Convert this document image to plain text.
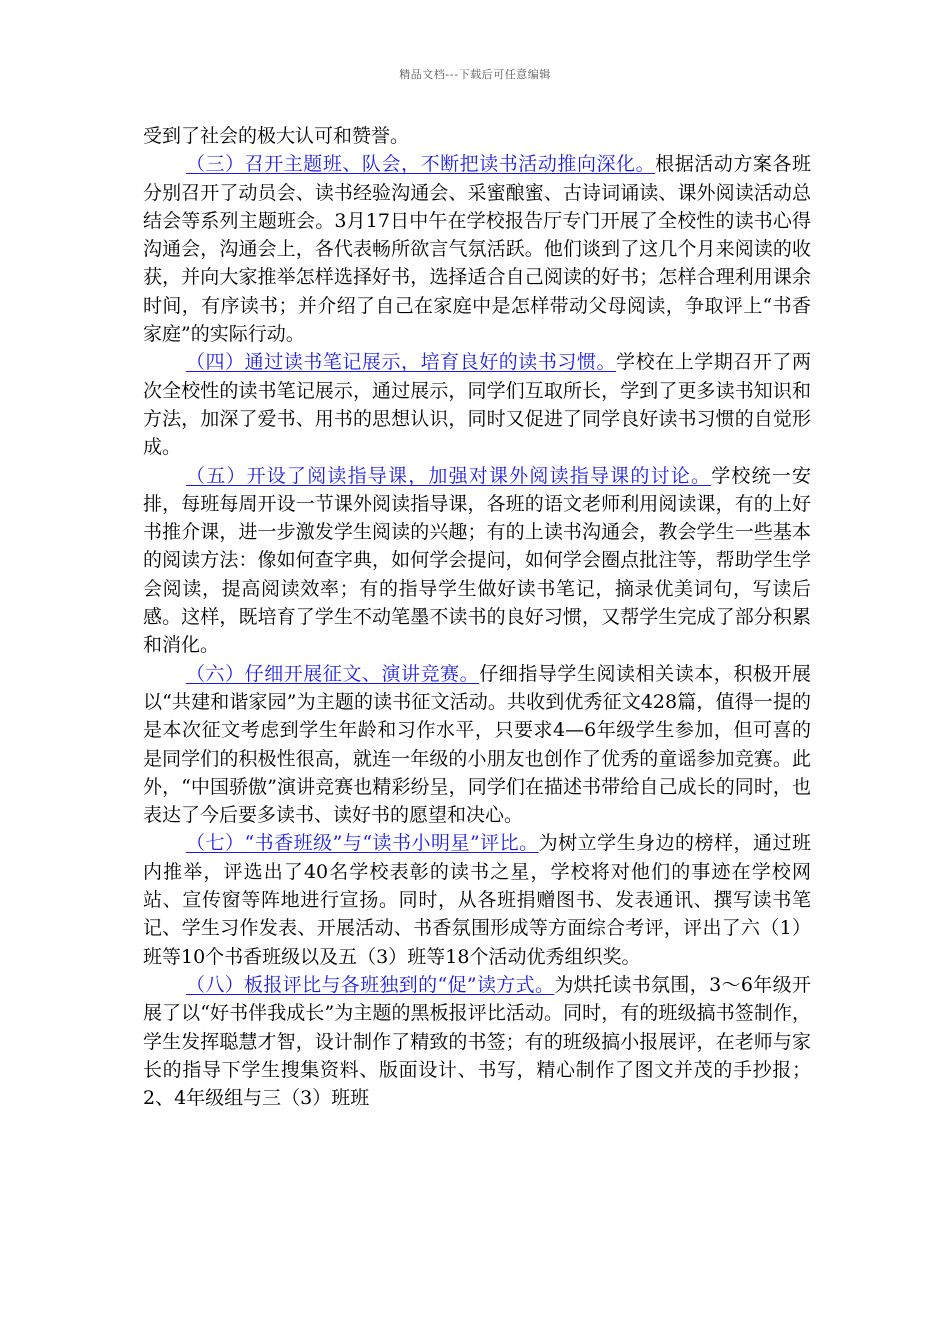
精品文档---下载后可任意编辑

受到了社会的极大认可和赞誉。

（三）召开主题班、队会，不断把读书活动推向深化。根据活动方案各班分别召开了动员会、读书经验沟通会、采蜜酿蜜、古诗词诵读、课外阅读活动总结会等系列主题班会。3月17日中午在学校报告厅专门开展了全校性的读书心得沟通会，沟通会上，各代表畅所欲言气氛活跃。他们谈到了这几个月来阅读的收获，并向大家推举怎样选择好书，选择适合自己阅读的好书；怎样合理利用课余时间，有序读书；并介绍了自己在家庭中是怎样带动父母阅读，争取评上“书香家庭”的实际行动。

（四）通过读书笔记展示，培育良好的读书习惯。学校在上学期召开了两次全校性的读书笔记展示，通过展示，同学们互取所长，学到了更多读书知识和方法，加深了爱书、用书的思想认识，同时又促进了同学良好读书习惯的自觉形成。

（五）开设了阅读指导课，加强对课外阅读指导课的讨论。学校统一安排，每班每周开设一节课外阅读指导课，各班的语文老师利用阅读课，有的上好书推介课，进一步激发学生阅读的兴趣；有的上读书沟通会，教会学生一些基本的阅读方法：像如何查字典，如何学会提问，如何学会圈点批注等，帮助学生学会阅读，提高阅读效率；有的指导学生做好读书笔记，摘录优美词句，写读后感。这样，既培育了学生不动笔墨不读书的良好习惯，又帮学生完成了部分积累和消化。

（六）仔细开展征文、演讲竞赛。仔细指导学生阅读相关读本，积极开展以“共建和谐家园”为主题的读书征文活动。共收到优秀征文428篇，值得一提的是本次征文考虑到学生年龄和习作水平，只要求4—6年级学生参加，但可喜的是同学们的积极性很高，就连一年级的小朋友也创作了优秀的童谣参加竞赛。此外，“中国骄傲”演讲竞赛也精彩纷呈，同学们在描述书带给自己成长的同时，也表达了今后要多读书、读好书的愿望和决心。

（七）“书香班级”与“读书小明星”评比。为树立学生身边的榜样，通过班内推举，评选出了40名学校表彰的读书之星，学校将对他们的事迹在学校网站、宣传窗等阵地进行宣扬。同时，从各班捐赠图书、发表通讯、撰写读书笔记、学生习作发表、开展活动、书香氛围形成等方面综合考评，评出了六（1）班等10个书香班级以及五（3）班等18个活动优秀组织奖。

（八）板报评比与各班独到的“促”读方式。为烘托读书氛围，3～6年级开展了以“好书伴我成长”为主题的黑板报评比活动。同时，有的班级搞书签制作，学生发挥聪慧才智，设计制作了精致的书签；有的班级搞小报展评，在老师与家长的指导下学生搜集资料、版面设计、书写，精心制作了图文并茂的手抄报；2、4年级组与三（3）班班
